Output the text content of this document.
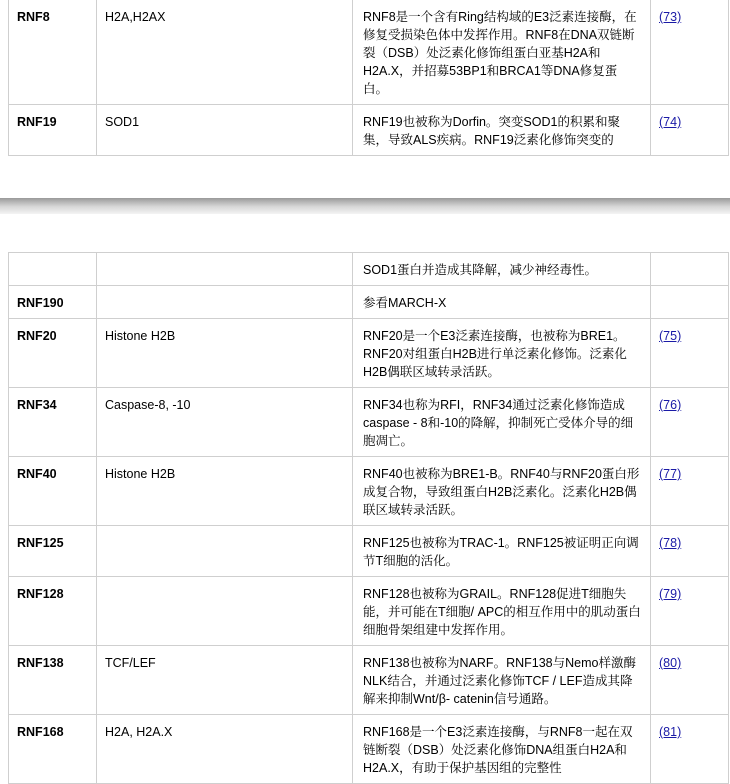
RNF8	H2A,H2AX	RNF8是一个含有Ring结构域的E3泛素连接酶，在修复受损染色体中发挥作用。RNF8在DNA双链断裂（DSB）处泛素化修饰组蛋白亚基H2A和H2A.X，并招募53BP1和BRCA1等DNA修复蛋白。	(73)
RNF19	SOD1	RNF19也被称为Dorfin。突变SOD1的积累和聚集，导致ALS疾病。RNF19泛素化修饰突变的	(74)
		SOD1蛋白并造成其降解，减少神经毒性。	
RNF190		参看MARCH-X	
RNF20	Histone H2B	RNF20是一个E3泛素连接酶，也被称为BRE1。RNF20对组蛋白H2B进行单泛素化修饰。泛素化H2B偶联区域转录活跃。	(75)
RNF34	Caspase-8, -10	RNF34也称为RFI，RNF34通过泛素化修饰造成caspase - 8和-10的降解，抑制死亡受体介导的细胞凋亡。	(76)
RNF40	Histone H2B	RNF40也被称为BRE1-B。RNF40与RNF20蛋白形成复合物，导致组蛋白H2B泛素化。泛素化H2B偶联区域转录活跃。	(77)
RNF125		RNF125也被称为TRAC-1。RNF125被证明正向调节T细胞的活化。	(78)
RNF128		RNF128也被称为GRAIL。RNF128促进T细胞失能，并可能在T细胞/ APC的相互作用中的肌动蛋白细胞骨架组建中发挥作用。	(79)
RNF138	TCF/LEF	RNF138也被称为NARF。RNF138与Nemo样激酶NLK结合，并通过泛素化修饰TCF / LEF造成其降解来抑制Wnt/β- catenin信号通路。	(80)
RNF168	H2A, H2A.X	RNF168是一个E3泛素连接酶，与RNF8一起在双链断裂（DSB）处泛素化修饰DNA组蛋白H2A和H2A.X，有助于保护基因组的完整性	(81)
